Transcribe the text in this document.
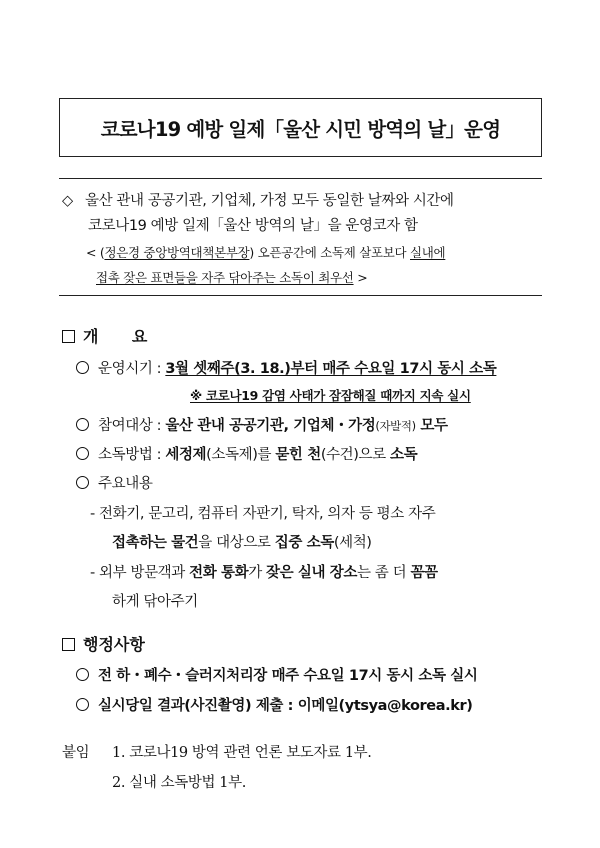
코로나19 예방 일제「울산 시민 방역의 날」운영
◇ 울산 관내 공공기관, 기업체, 가정 모두 동일한 날짜와 시간에
코로나19 예방 일제「울산 방역의 날」을 운영코자 함
< (정은경 중앙방역대책본부장) 오픈공간에 소독제 살포보다 실내에
접촉 잦은 표면들을 자주 닦아주는 소독이 최우선 >
개      요
운영시기 : 3월 셋째주(3. 18.)부터 매주 수요일 17시 동시 소독
※ 코로나19 감염 사태가 잠잠해질 때까지 지속 실시
참여대상 : 울산 관내 공공기관, 기업체・가정(자발적) 모두
소독방법 : 세정제(소독제)를 묻힌 천(수건)으로 소독
주요내용
- 전화기, 문고리, 컴퓨터 자판기, 탁자, 의자 등 평소 자주
접촉하는 물건을 대상으로 집중 소독(세척)
- 외부 방문객과 전화 통화가 잦은 실내 장소는 좀 더 꼼꼼
하게 닦아주기
행정사항
전 하・폐수・슬러지처리장 매주 수요일 17시 동시 소독 실시
실시당일 결과(사진촬영) 제출 : 이메일(ytsya@korea.kr)
붙임 1. 코로나19 방역 관련 언론 보도자료 1부.
2. 실내 소독방법 1부.
